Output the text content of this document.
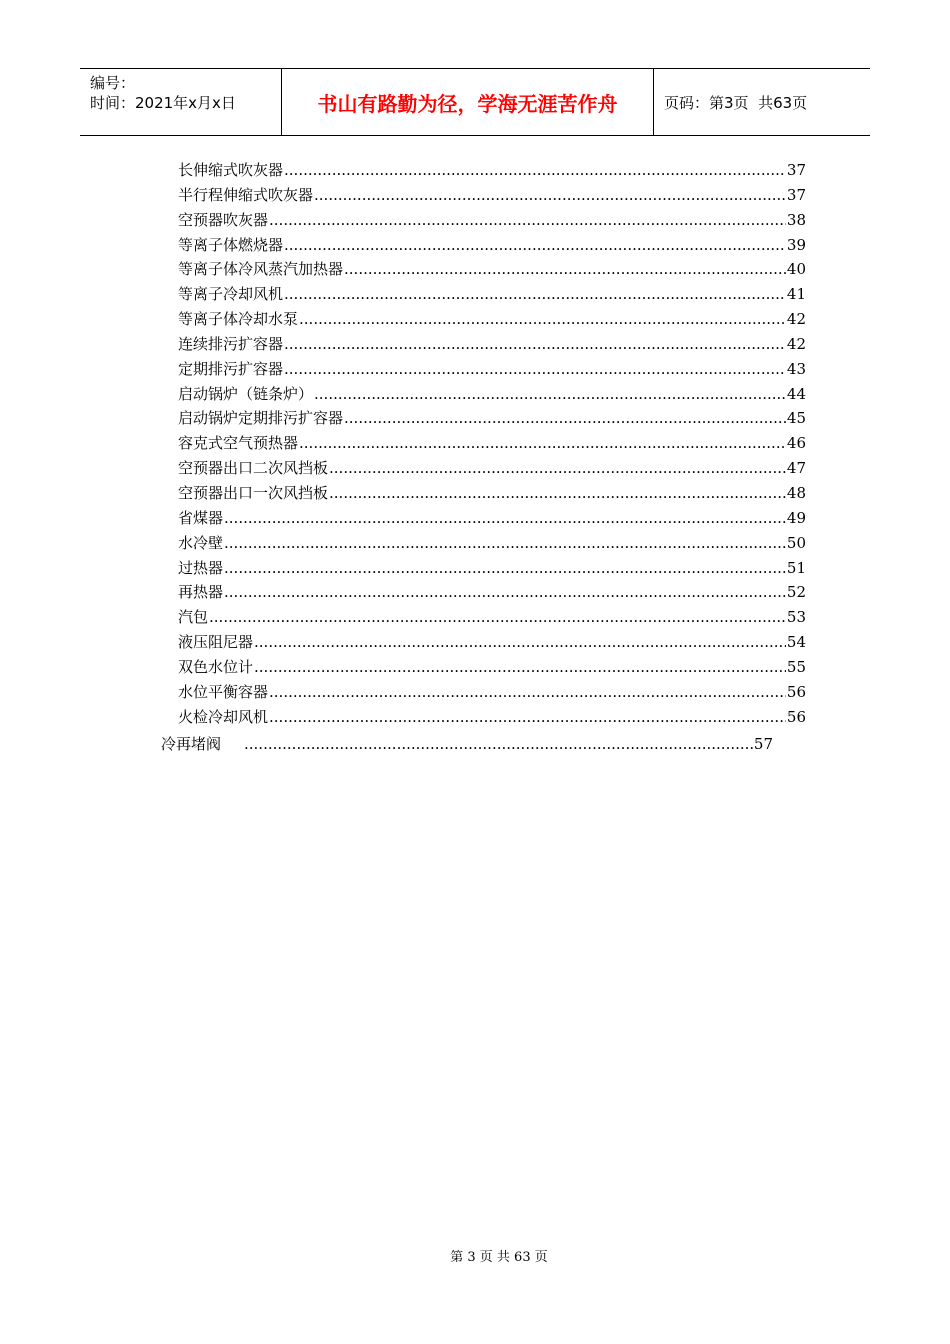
编号：
时间：2021年x月x日	书山有路勤为径，学海无涯苦作舟	页码：第3页  共63页
长伸缩式吹灰器 .....	37
半行程伸缩式吹灰器 .....	37
空预器吹灰器 .....	38
等离子体燃烧器 .....	39
等离子体冷风蒸汽加热器 .....	40
等离子冷却风机 .....	41
等离子体冷却水泵 .....	42
连续排污扩容器 .....	42
定期排污扩容器 .....	43
启动锅炉（链条炉） .....	44
启动锅炉定期排污扩容器 .....	45
容克式空气预热器 .....	46
空预器出口二次风挡板 .....	47
空预器出口一次风挡板 .....	48
省煤器 .....	49
水冷壁 .....	50
过热器 .....	51
再热器 .....	52
汽包 .....	53
液压阻尼器 .....	54
双色水位计 .....	55
水位平衡容器 .....	56
火检冷却风机 .....	56
冷再堵阀 .....	57
第 3 页 共 63 页
